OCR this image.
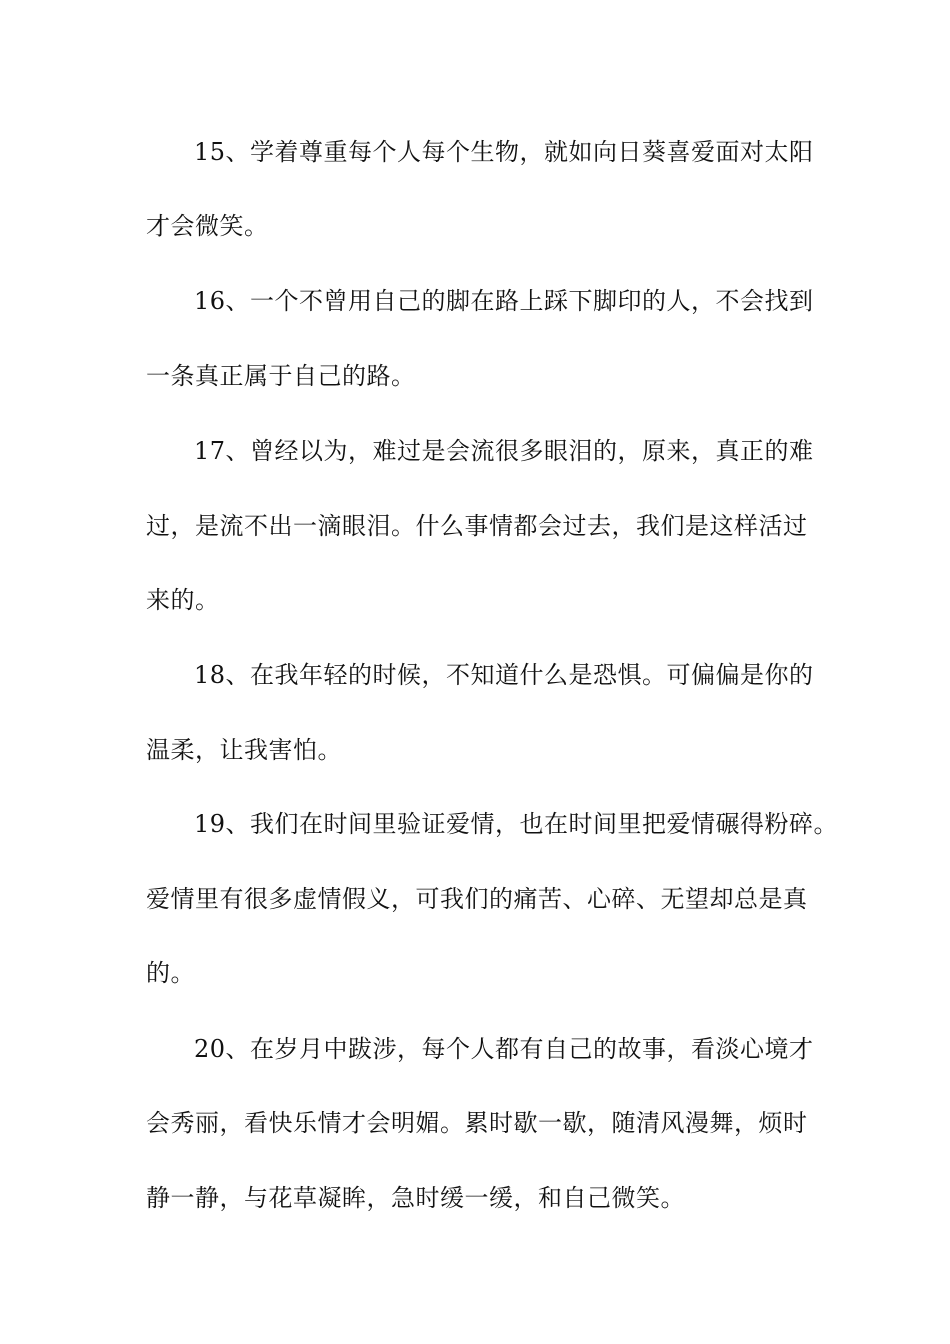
15、学着尊重每个人每个生物，就如向日葵喜爱面对太阳
才会微笑。
16、一个不曾用自己的脚在路上踩下脚印的人，不会找到
一条真正属于自己的路。
17、曾经以为，难过是会流很多眼泪的，原来，真正的难
过，是流不出一滴眼泪。什么事情都会过去，我们是这样活过
来的。
18、在我年轻的时候，不知道什么是恐惧。可偏偏是你的
温柔，让我害怕。
19、我们在时间里验证爱情，也在时间里把爱情碾得粉碎。
爱情里有很多虚情假义，可我们的痛苦、心碎、无望却总是真
的。
20、在岁月中跋涉，每个人都有自己的故事，看淡心境才
会秀丽，看快乐情才会明媚。累时歇一歇，随清风漫舞，烦时
静一静，与花草凝眸，急时缓一缓，和自己微笑。
